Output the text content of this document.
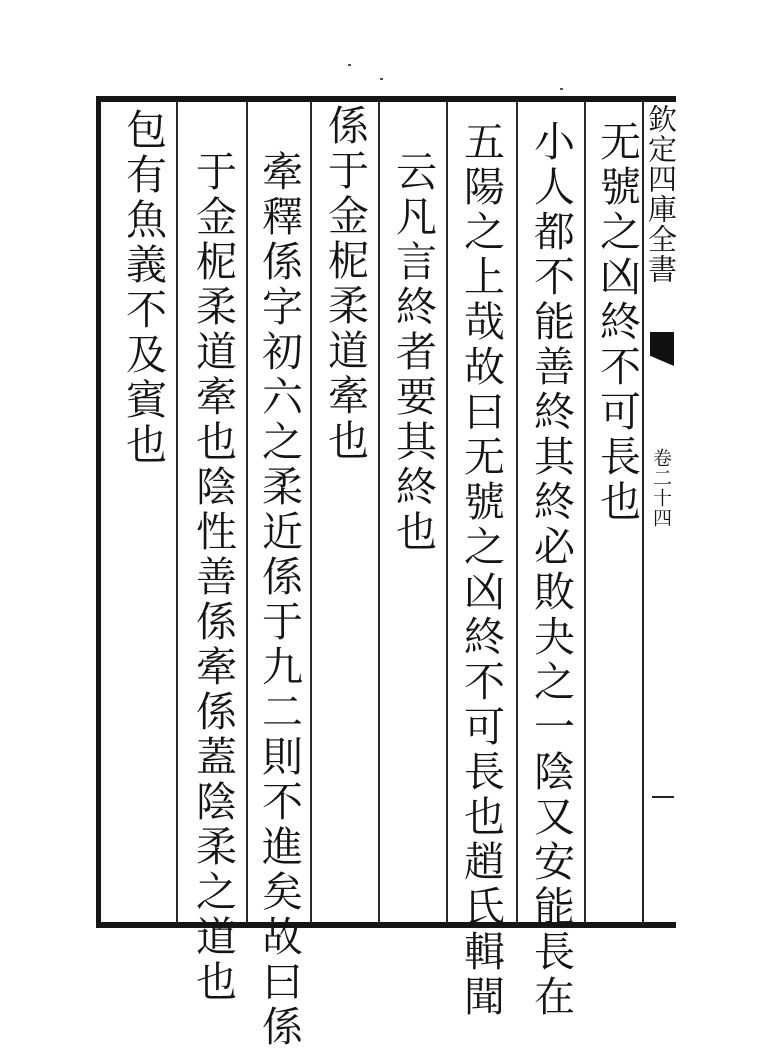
无號之凶終不可長也
小人都不能善終其終必敗夬之一陰又安能長在
五陽之上哉故曰无號之凶終不可長也趙氏輯聞
云凡言終者要其終也
係于金柅柔道牽也
牽釋係字初六之柔近係于九二則不進矣故曰係
于金柅柔道牽也陰性善係牽係蓋陰柔之道也
包有魚義不及賓也	欽定四庫全書
卷二十四
